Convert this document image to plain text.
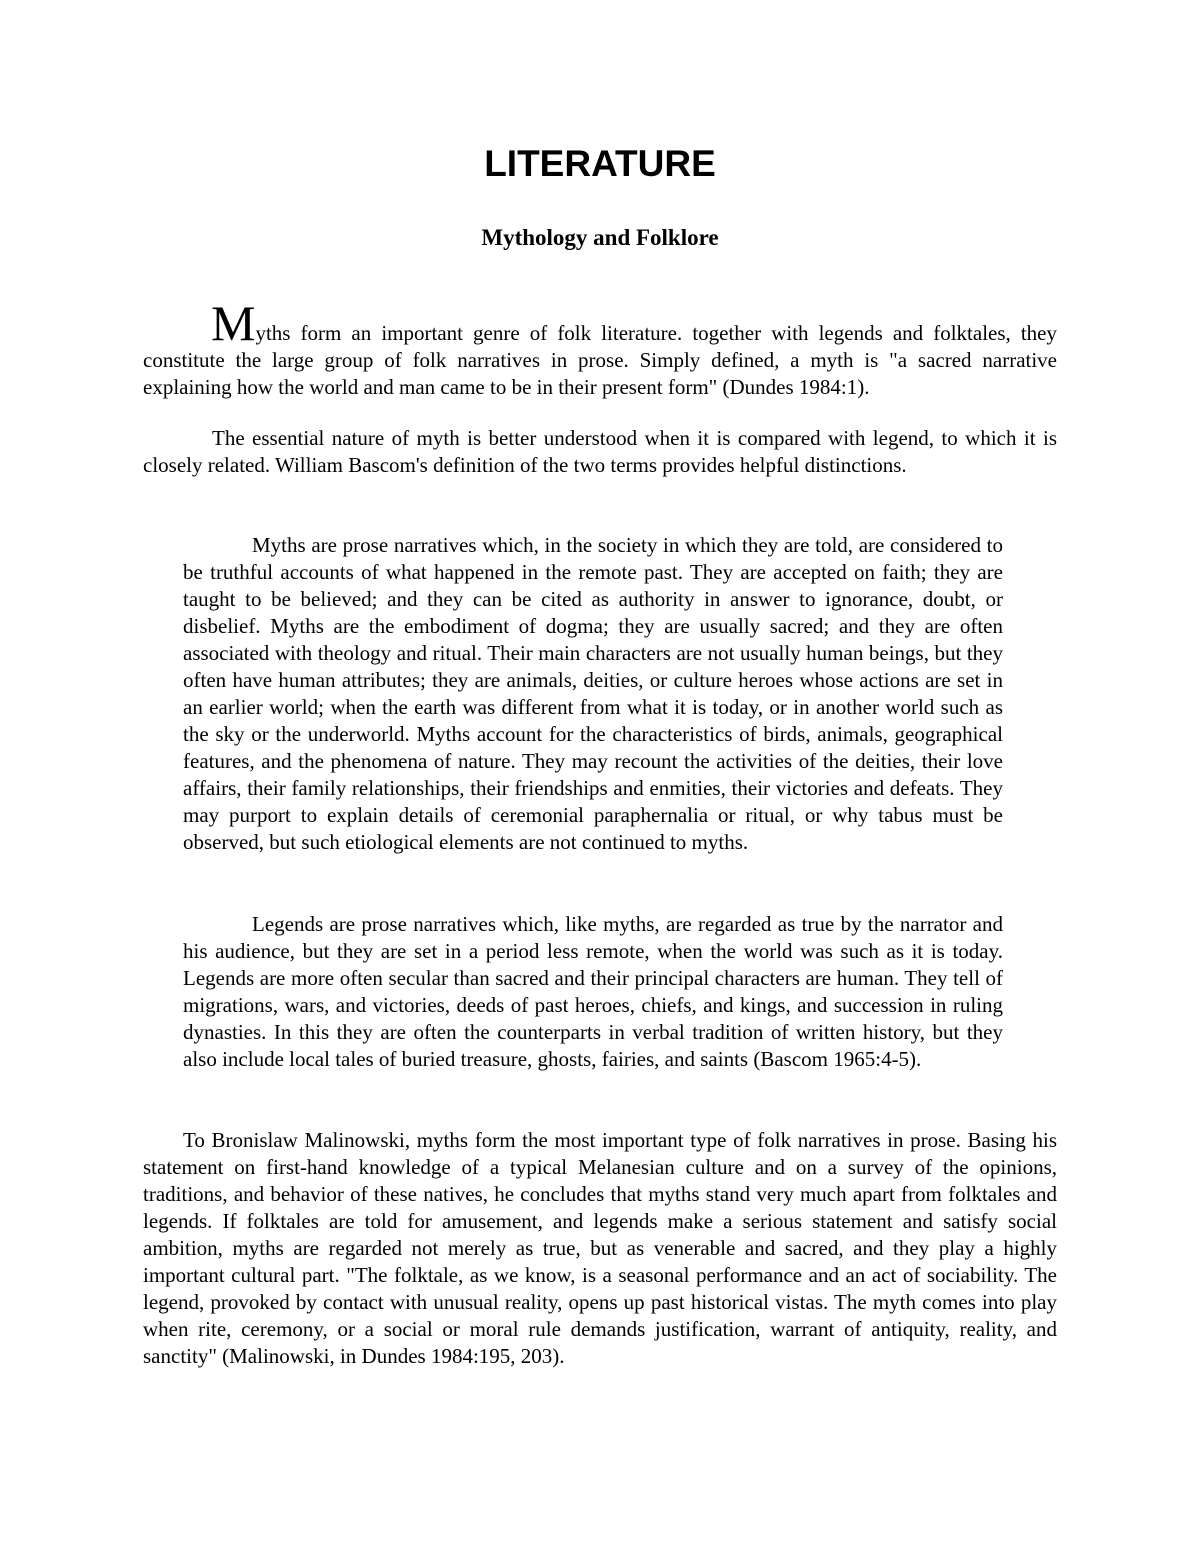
LITERATURE
Mythology and Folklore

Myths form an important genre of folk literature. together with legends and folktales, they constitute the large group of folk narratives in prose. Simply defined, a myth is "a sacred narrative explaining how the world and man came to be in their present form" (Dundes 1984:1).

The essential nature of myth is better understood when it is compared with legend, to which it is closely related. William Bascom's definition of the two terms provides helpful distinctions.

Myths are prose narratives which, in the society in which they are told, are considered to be truthful accounts of what happened in the remote past. They are accepted on faith; they are taught to be believed; and they can be cited as authority in answer to ignorance, doubt, or disbelief. Myths are the embodiment of dogma; they are usually sacred; and they are often associated with theology and ritual. Their main characters are not usually human beings, but they often have human attributes; they are animals, deities, or culture heroes whose actions are set in an earlier world; when the earth was different from what it is today, or in another world such as the sky or the underworld. Myths account for the characteristics of birds, animals, geographical features, and the phenomena of nature. They may recount the activities of the deities, their love affairs, their family relationships, their friendships and enmities, their victories and defeats. They may purport to explain details of ceremonial paraphernalia or ritual, or why tabus must be observed, but such etiological elements are not continued to myths.

Legends are prose narratives which, like myths, are regarded as true by the narrator and his audience, but they are set in a period less remote, when the world was such as it is today. Legends are more often secular than sacred and their principal characters are human. They tell of migrations, wars, and victories, deeds of past heroes, chiefs, and kings, and succession in ruling dynasties. In this they are often the counterparts in verbal tradition of written history, but they also include local tales of buried treasure, ghosts, fairies, and saints (Bascom 1965:4-5).

To Bronislaw Malinowski, myths form the most important type of folk narratives in prose. Basing his statement on first-hand knowledge of a typical Melanesian culture and on a survey of the opinions, traditions, and behavior of these natives, he concludes that myths stand very much apart from folktales and legends. If folktales are told for amusement, and legends make a serious statement and satisfy social ambition, myths are regarded not merely as true, but as venerable and sacred, and they play a highly important cultural part. "The folktale, as we know, is a seasonal performance and an act of sociability. The legend, provoked by contact with unusual reality, opens up past historical vistas. The myth comes into play when rite, ceremony, or a social or moral rule demands justification, warrant of antiquity, reality, and sanctity" (Malinowski, in Dundes 1984:195, 203).
